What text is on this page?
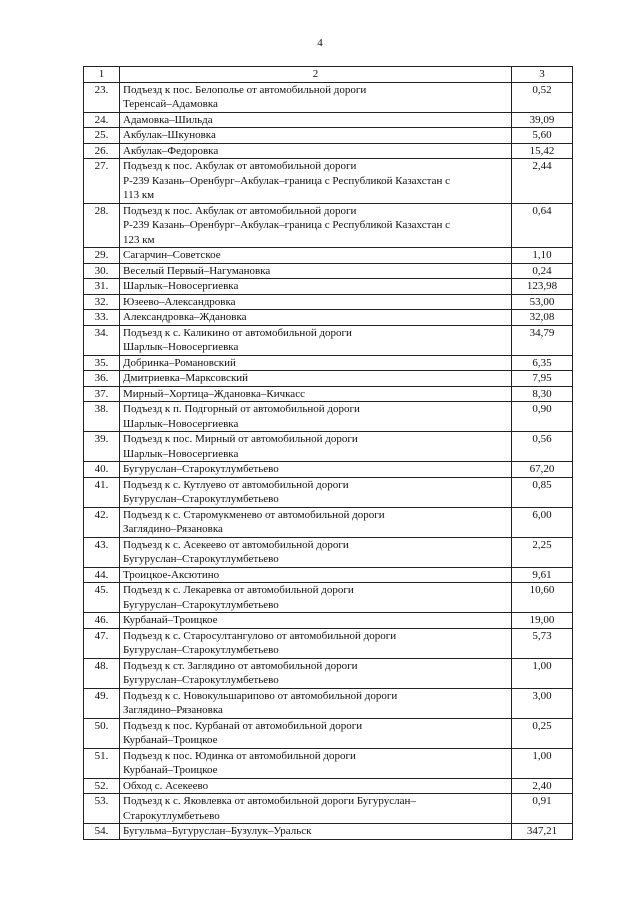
4
1	2	3
23.	Подъезд к пос. Белополье от автомобильной дороги
Теренсай–Адамовка	0,52
24.	Адамовка–Шильда	39,09
25.	Акбулак–Шкуновка	5,60
26.	Акбулак–Федоровка	15,42
27.	Подъезд к пос. Акбулак от автомобильной дороги
Р-239 Казань–Оренбург–Акбулак–граница с Республикой Казахстан с
113 км	2,44
28.	Подъезд к пос. Акбулак от автомобильной дороги
Р-239 Казань–Оренбург–Акбулак–граница с Республикой Казахстан с
123 км	0,64
29.	Сагарчин–Советское	1,10
30.	Веселый Первый–Нагумановка	0,24
31.	Шарлык–Новосергиевка	123,98
32.	Юзеево–Александровка	53,00
33.	Александровка–Ждановка	32,08
34.	Подъезд к с. Каликино от автомобильной дороги
Шарлык–Новосергиевка	34,79
35.	Добринка–Романовский	6,35
36.	Дмитриевка–Марксовский	7,95
37.	Мирный–Хортица–Ждановка–Кичкасс	8,30
38.	Подъезд к п. Подгорный от автомобильной дороги
Шарлык–Новосергиевка	0,90
39.	Подъезд к пос. Мирный от автомобильной дороги
Шарлык–Новосергиевка	0,56
40.	Бугуруслан–Старокутлумбетьево	67,20
41.	Подъезд к с. Кутлуево от автомобильной дороги
Бугуруслан–Старокутлумбетьево	0,85
42.	Подъезд к с. Старомукменево от автомобильной дороги
Заглядино–Рязановка	6,00
43.	Подъезд к с. Асекеево от автомобильной дороги
Бугуруслан–Старокутлумбетьево	2,25
44.	Троицкое-Аксютино	9,61
45.	Подъезд к с. Лекаревка от автомобильной дороги
Бугуруслан–Старокутлумбетьево	10,60
46.	Курбанай–Троицкое	19,00
47.	Подъезд к с. Старосултангулово от автомобильной дороги
Бугуруслан–Старокутлумбетьево	5,73
48.	Подъезд к ст. Заглядино от автомобильной дороги
Бугуруслан–Старокутлумбетьево	1,00
49.	Подъезд к с. Новокульшарипово от автомобильной дороги
Заглядино–Рязановка	3,00
50.	Подъезд к пос. Курбанай от автомобильной дороги
Курбанай–Троицкое	0,25
51.	Подъезд к пос. Юдинка от автомобильной дороги
Курбанай–Троицкое	1,00
52.	Обход с. Асекеево	2,40
53.	Подъезд к с. Яковлевка от автомобильной дороги Бугуруслан–
Старокутлумбетьево	0,91
54.	Бугульма–Бугуруслан–Бузулук–Уральск	347,21
